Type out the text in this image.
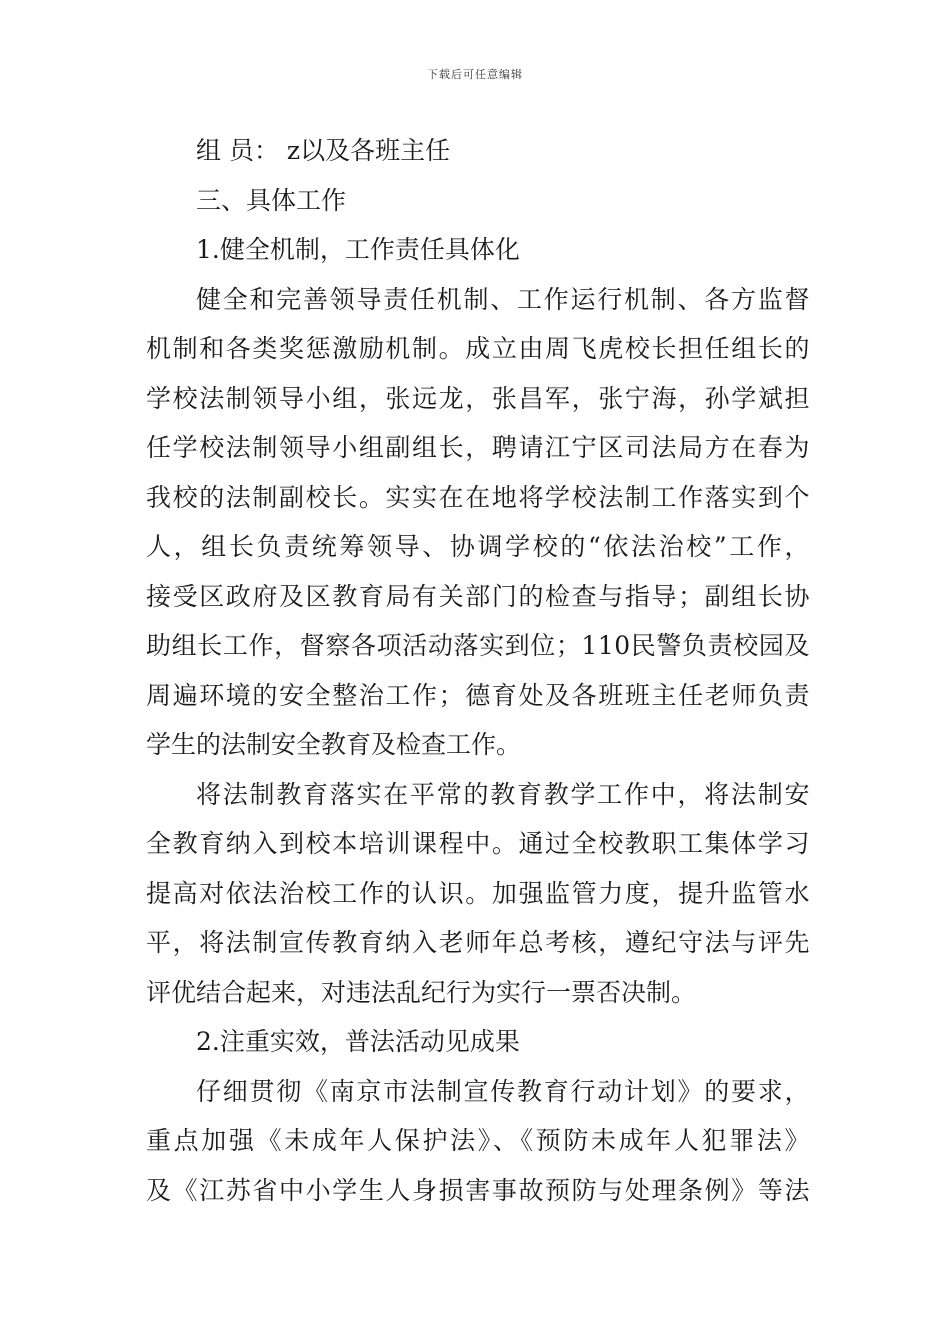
下载后可任意编辑

组 员： z以及各班主任

三、具体工作

1.健全机制，工作责任具体化

健全和完善领导责任机制、工作运行机制、各方监督

机制和各类奖惩激励机制。成立由周飞虎校长担任组长的

学校法制领导小组，张远龙，张昌军，张宁海，孙学斌担

任学校法制领导小组副组长，聘请江宁区司法局方在春为

我校的法制副校长。实实在在地将学校法制工作落实到个

人，组长负责统筹领导、协调学校的“依法治校”工作，

接受区政府及区教育局有关部门的检查与指导；副组长协

助组长工作，督察各项活动落实到位；110民警负责校园及

周遍环境的安全整治工作；德育处及各班班主任老师负责

学生的法制安全教育及检查工作。

将法制教育落实在平常的教育教学工作中，将法制安

全教育纳入到校本培训课程中。通过全校教职工集体学习

提高对依法治校工作的认识。加强监管力度，提升监管水

平，将法制宣传教育纳入老师年总考核，遵纪守法与评先

评优结合起来，对违法乱纪行为实行一票否决制。

2.注重实效，普法活动见成果

仔细贯彻《南京市法制宣传教育行动计划》的要求，

重点加强《未成年人保护法》、《预防未成年人犯罪法》

及《江苏省中小学生人身损害事故预防与处理条例》等法
